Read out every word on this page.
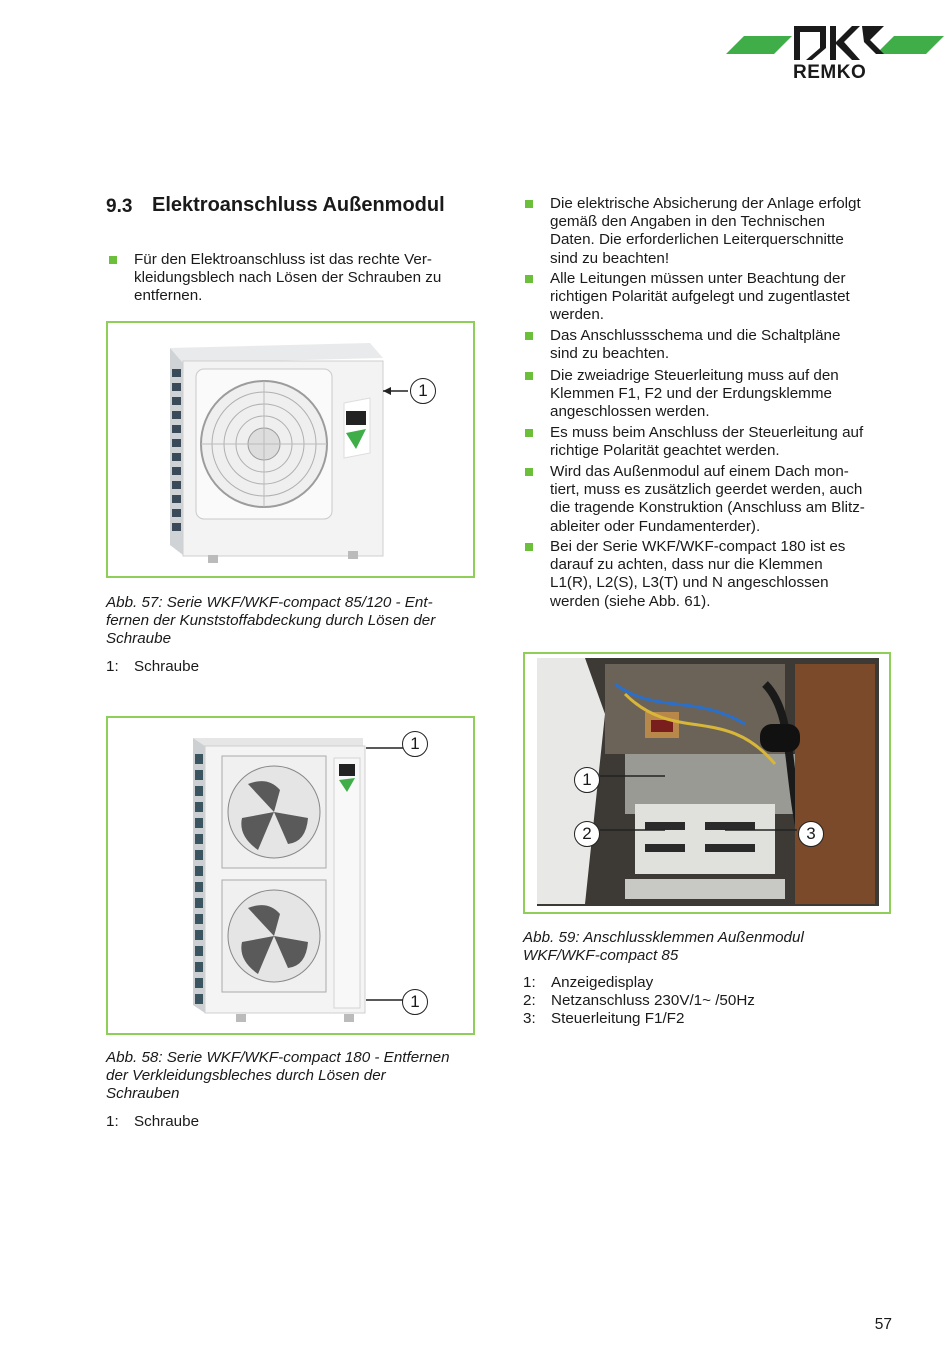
REMKO
9.3 Elektroanschluss Außenmodul
Für den Elektroanschluss ist das rechte Ver-
kleidungsblech nach Lösen der Schrauben zu
entfernen.
Die elektrische Absicherung der Anlage erfolgt
gemäß den Angaben in den Technischen
Daten. Die erforderlichen Leiterquerschnitte
sind zu beachten!
Alle Leitungen müssen unter Beachtung der
richtigen Polarität aufgelegt und zugentlastet
werden.
Das Anschlussschema und die Schaltpläne
sind zu beachten.
Die zweiadrige Steuerleitung muss auf den
Klemmen F1, F2 und der Erdungsklemme
angeschlossen werden.
Es muss beim Anschluss der Steuerleitung auf
richtige Polarität geachtet werden.
Wird das Außenmodul auf einem Dach mon-
tiert, muss es zusätzlich geerdet werden, auch
die tragende Konstruktion (Anschluss am Blitz-
ableiter oder Fundamenterder).
Bei der Serie WKF/WKF-compact 180 ist es
darauf zu achten, dass nur die Klemmen
L1(R), L2(S), L3(T) und N angeschlossen
werden (siehe Abb. 61).
1
Abb. 57: Serie WKF/WKF-compact 85/120 - Ent-
fernen der Kunststoffabdeckung durch Lösen der
Schraube
1: Schraube
1
1
Abb. 58: Serie WKF/WKF-compact 180 - Entfernen
der Verkleidungsbleches durch Lösen der
Schrauben
1: Schraube
1
2	3
Abb. 59: Anschlussklemmen Außenmodul
WKF/WKF-compact 85
1: Anzeigedisplay
2: Netzanschluss 230V/1~ /50Hz
3: Steuerleitung F1/F2
57
